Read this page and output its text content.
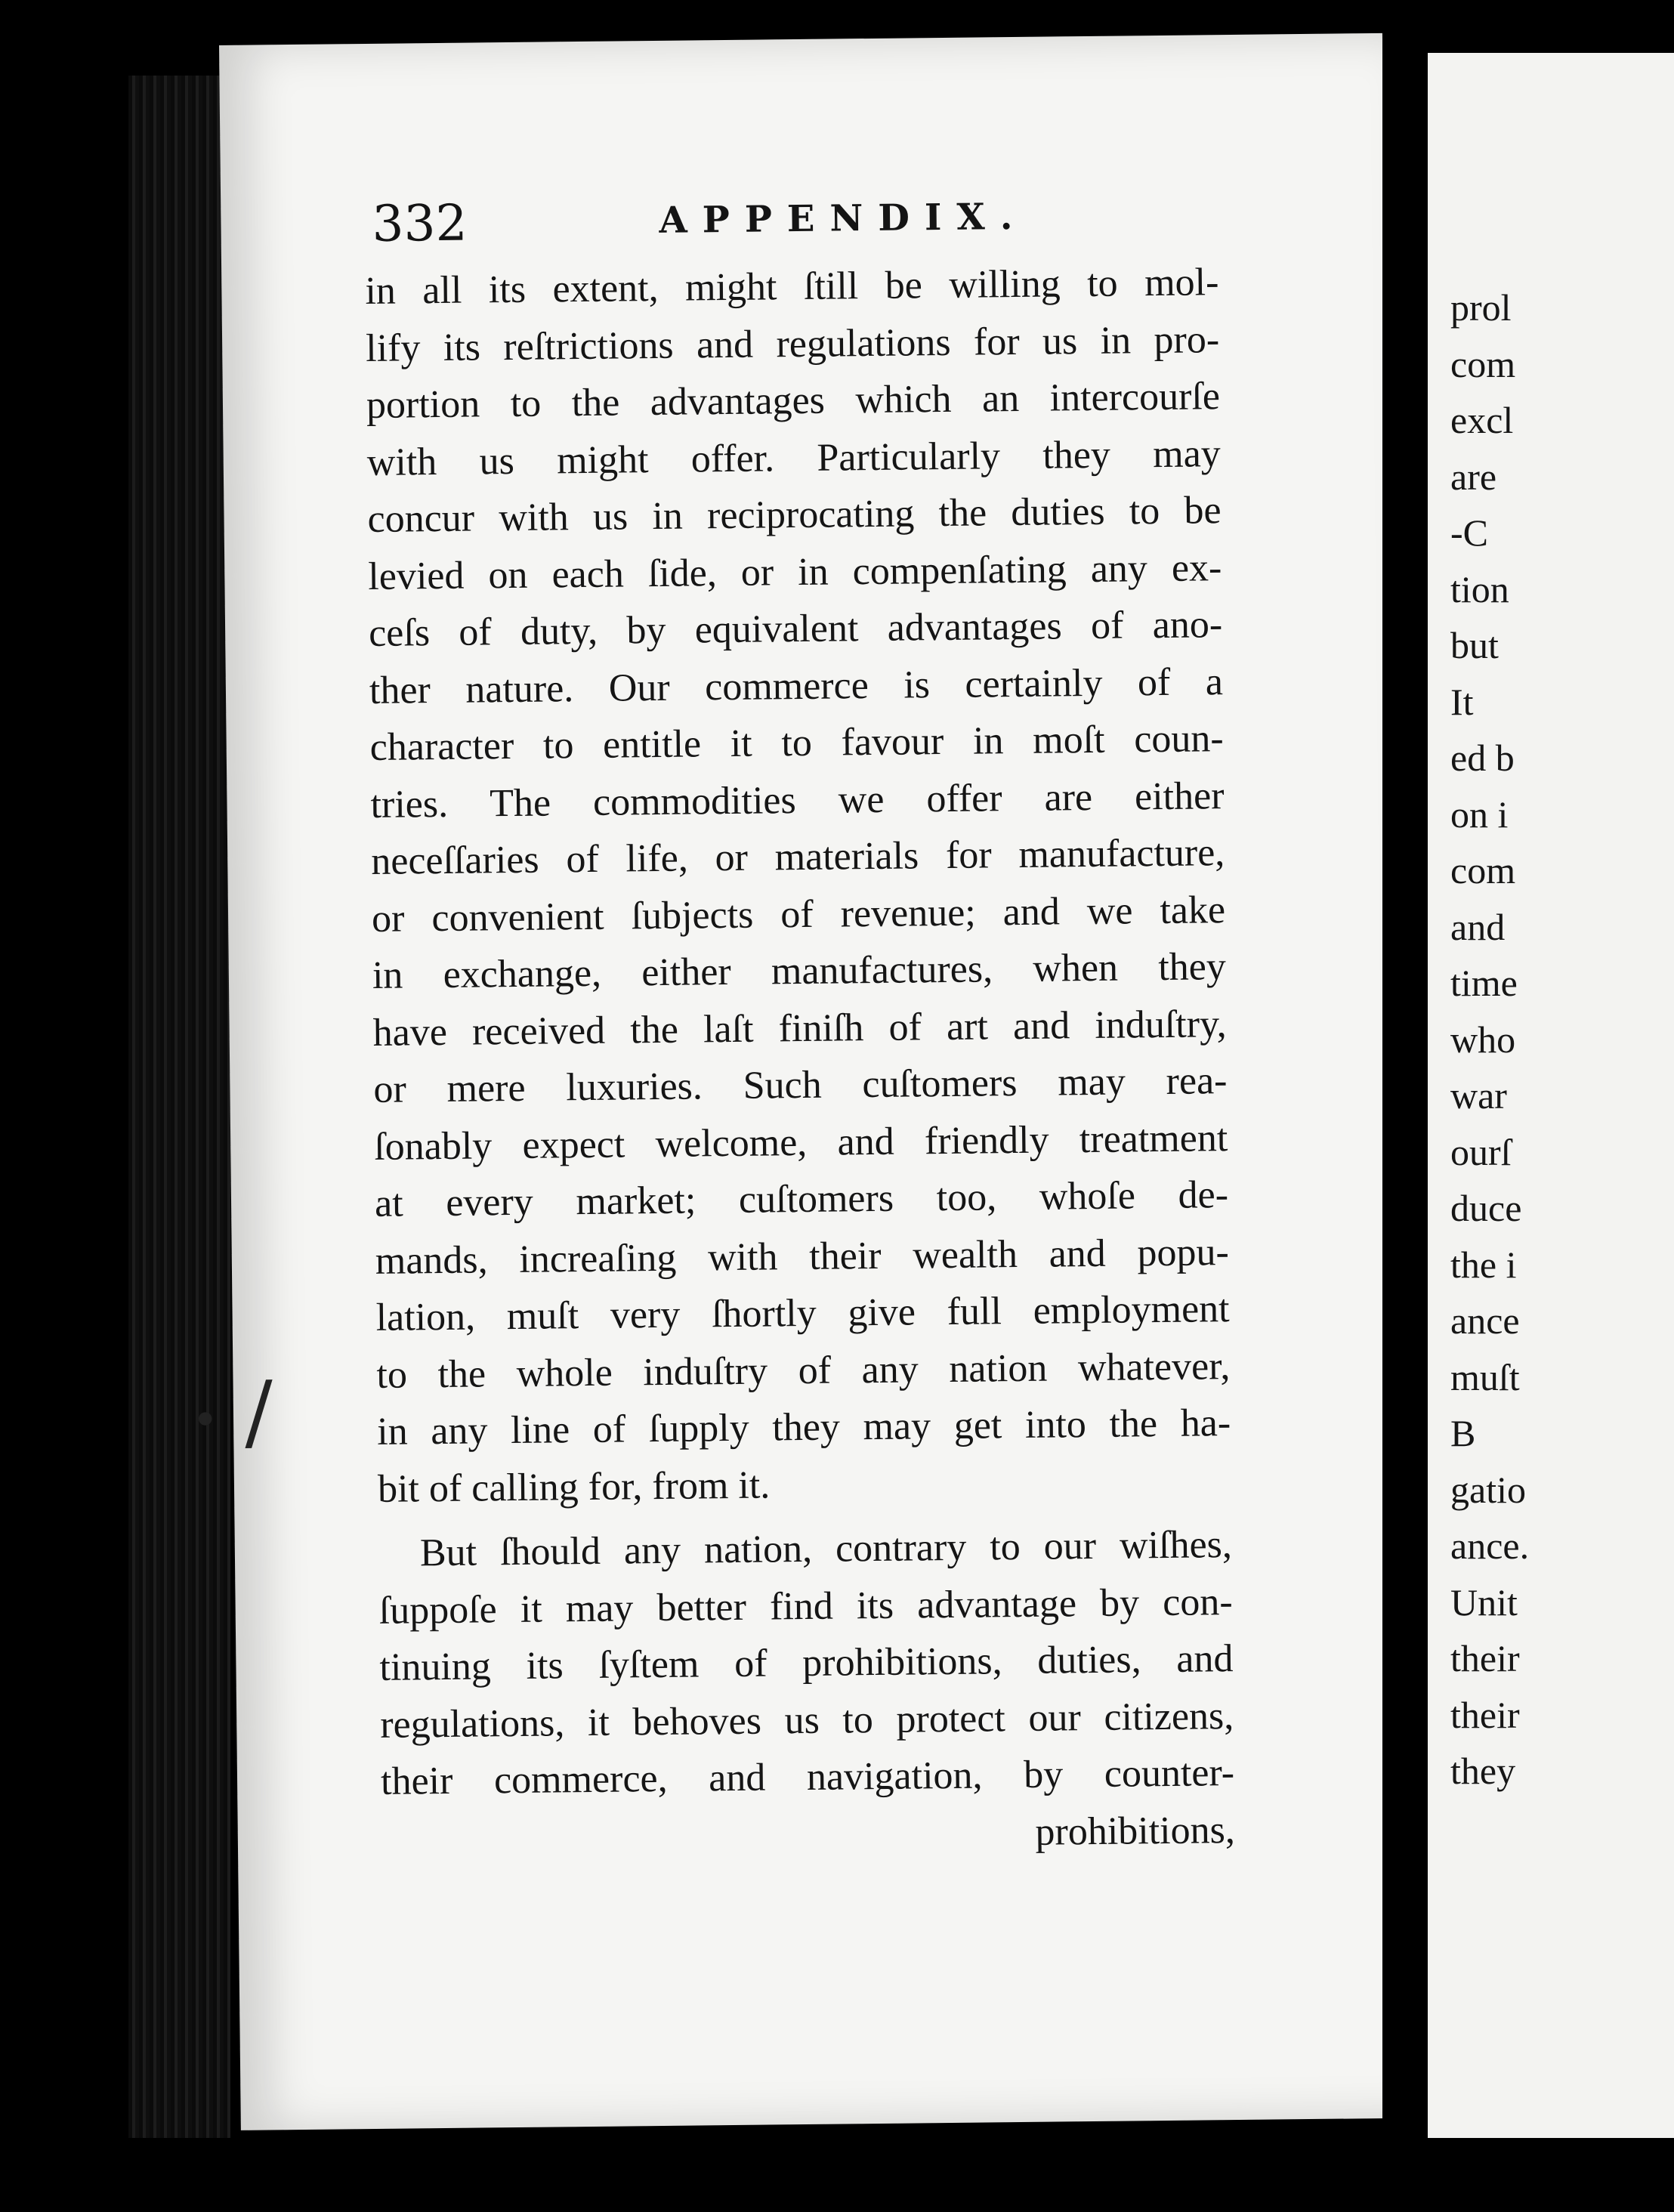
332	APPENDIX.
in all its extent, might ſtill be willing to mol-
lify its reſtrictions and regulations for us in pro-
portion to the advantages which an intercourſe
with us might offer. Particularly they may
concur with us in reciprocating the duties to be
levied on each ſide, or in compenſating any ex-
ceſs of duty, by equivalent advantages of ano-
ther nature. Our commerce is certainly of a
character to entitle it to favour in moſt coun-
tries. The commodities we offer are either
neceſſaries of life, or materials for manufacture,
or convenient ſubjects of revenue; and we take
in exchange, either manufactures, when they
have received the laſt finiſh of art and induſtry,
or mere luxuries. Such cuſtomers may rea-
ſonably expect welcome, and friendly treatment
at every market; cuſtomers too, whoſe de-
mands, increaſing with their wealth and popu-
lation, muſt very ſhortly give full employment
to the whole induſtry of any nation whatever,
in any line of ſupply they may get into the ha-
bit of calling for, from it.
But ſhould any nation, contrary to our wiſhes,
ſuppoſe it may better find its advantage by con-
tinuing its ſyſtem of prohibitions, duties, and
regulations, it behoves us to protect our citizens,
their commerce, and navigation, by counter-
prohibitions,
• /
prol
com
excl
are
-C
tion
but
It
ed b
on i
com
and
time
who
war
ourſ
duce
the i
ance
muſt
B
gatio
ance.
Unit
their
their
they
